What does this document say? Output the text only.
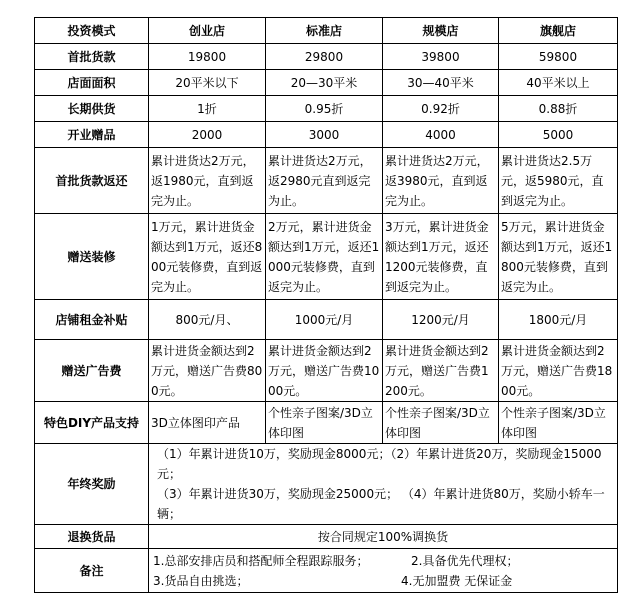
投资模式	创业店	标准店	规模店	旗舰店
首批货款	19800	29800	39800	59800
店面面积	20平米以下	20—30平米	30—40平米	40平米以上
长期供货	1折	0.95折	0.92折	0.88折
开业赠品	2000	3000	4000	5000
首批货款返还	累计进货达2万元，返1980元，直到返完为止。	累计进货达2万元，返2980元直到返完为止。	累计进货达2万元，返3980元，直到返完为止。	累计进货达2.5万元，返5980元，直到返完为止。
赠送装修	1万元，累计进货金额达到1万元，返还800元装修费，直到返完为止。	2万元，累计进货金额达到1万元，返还1000元装修费，直到返完为止。	3万元，累计进货金额达到1万元，返还1200元装修费，直到返完为止。	5万元，累计进货金额达到1万元，返还1800元装修费，直到返完为止。
店铺租金补贴	800元/月、	1000元/月	1200元/月	1800元/月
赠送广告费	累计进货金额达到2万元，赠送广告费800元。	累计进货金额达到2万元，赠送广告费1000元。	累计进货金额达到2万元，赠送广告费1200元。	累计进货金额达到2万元，赠送广告费1800元。
特色DIY产品支持	3D立体图印产品	个性亲子图案/3D立体印图	个性亲子图案/3D立体印图	个性亲子图案/3D立体印图
年终奖励	（1）年累计进货10万，奖励现金8000元；（2）年累计进货20万，奖励现金15000元；
（3）年累计进货30万，奖励现金25000元； （4）年累计进货80万，奖励小轿车一辆；			

退换货品	按合同规定100%调换货			
备注	1.总部安排店员和搭配师全程跟踪服务； 2.具备优先代理权；
3.货品自由挑选； 4.无加盟费 无保证金			
